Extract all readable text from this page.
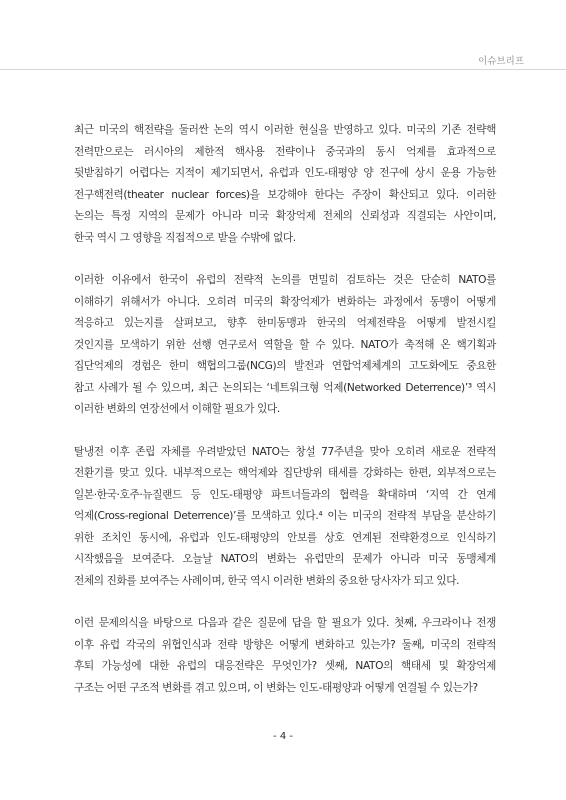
이슈브리프

최근 미국의 핵전략을 둘러싼 논의 역시 이러한 현실을 반영하고 있다. 미국의 기존 전략핵
전력만으로는 러시아의 제한적 핵사용 전략이나 중국과의 동시 억제를 효과적으로
뒷받침하기 어렵다는 지적이 제기되면서, 유럽과 인도-태평양 양 전구에 상시 운용 가능한
전구핵전력(theater nuclear forces)을 보강해야 한다는 주장이 확산되고 있다. 이러한
논의는 특정 지역의 문제가 아니라 미국 확장억제 전체의 신뢰성과 직결되는 사안이며,
한국 역시 그 영향을 직접적으로 받을 수밖에 없다.

이러한 이유에서 한국이 유럽의 전략적 논의를 면밀히 검토하는 것은 단순히 NATO를
이해하기 위해서가 아니다. 오히려 미국의 확장억제가 변화하는 과정에서 동맹이 어떻게
적응하고 있는지를 살펴보고, 향후 한미동맹과 한국의 억제전략을 어떻게 발전시킬
것인지를 모색하기 위한 선행 연구로서 역할을 할 수 있다. NATO가 축적해 온 핵기획과
집단억제의 경험은 한미 핵협의그룹(NCG)의 발전과 연합억제체계의 고도화에도 중요한
참고 사례가 될 수 있으며, 최근 논의되는 ‘네트워크형 억제(Networked Deterrence)’³ 역시
이러한 변화의 연장선에서 이해할 필요가 있다.

탈냉전 이후 존립 자체를 우려받았던 NATO는 창설 77주년을 맞아 오히려 새로운 전략적
전환기를 맞고 있다. 내부적으로는 핵억제와 집단방위 태세를 강화하는 한편, 외부적으로는
일본·한국·호주·뉴질랜드 등 인도-태평양 파트너들과의 협력을 확대하며 ‘지역 간 연계
억제(Cross-regional Deterrence)’를 모색하고 있다.⁴ 이는 미국의 전략적 부담을 분산하기
위한 조치인 동시에, 유럽과 인도-태평양의 안보를 상호 연계된 전략환경으로 인식하기
시작했음을 보여준다. 오늘날 NATO의 변화는 유럽만의 문제가 아니라 미국 동맹체계
전체의 진화를 보여주는 사례이며, 한국 역시 이러한 변화의 중요한 당사자가 되고 있다.

이런 문제의식을 바탕으로 다음과 같은 질문에 답을 할 필요가 있다. 첫째, 우크라이나 전쟁
이후 유럽 각국의 위협인식과 전략 방향은 어떻게 변화하고 있는가? 둘째, 미국의 전략적
후퇴 가능성에 대한 유럽의 대응전략은 무엇인가? 셋째, NATO의 핵태세 및 확장억제
구조는 어떤 구조적 변화를 겪고 있으며, 이 변화는 인도-태평양과 어떻게 연결될 수 있는가?

- 4 -
